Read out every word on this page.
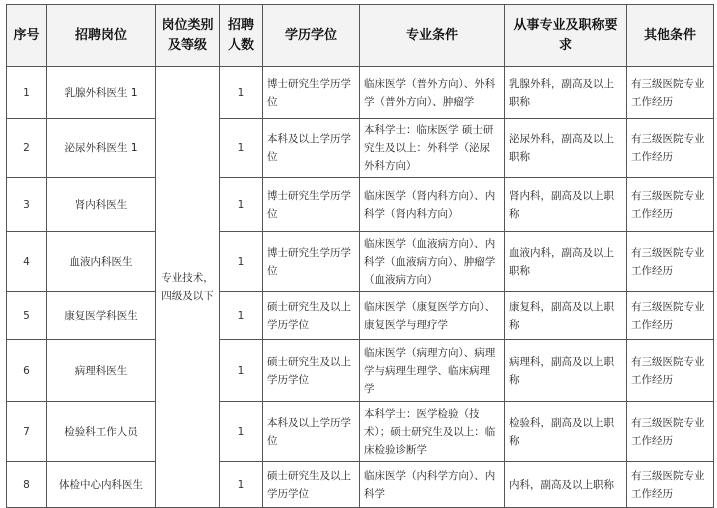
序号	招聘岗位	岗位类别及等级	招聘人数	学历学位	专业条件	从事专业及职称要求	其他条件
1	乳腺外科医生 1	专业技术，四级及以下	1	博士研究生学历学位	临床医学（普外方向）、外科学（普外方向）、肿瘤学	乳腺外科，副高及以上职称	有三级医院专业工作经历
2	泌尿外科医生 1		1	本科及以上学历学位	本科学士：临床医学 硕士研究生及以上：外科学（泌尿外科方向）	泌尿外科，副高及以上职称	有三级医院专业工作经历
3	肾内科医生		1	博士研究生学历学位	临床医学（肾内科方向）、内科学（肾内科方向）	肾内科，副高及以上职称	有三级医院专业工作经历
4	血液内科医生		1	博士研究生学历学位	临床医学（血液病方向）、内科学（血液病方向）、肿瘤学（血液病方向）	血液内科，副高及以上职称	有三级医院专业工作经历
5	康复医学科医生		1	硕士研究生及以上学历学位	临床医学（康复医学方向）、康复医学与理疗学	康复科，副高及以上职称	有三级医院专业工作经历
6	病理科医生		1	硕士研究生及以上学历学位	临床医学（病理方向）、病理学与病理生理学、临床病理学	病理科，副高及以上职称	有三级医院专业工作经历
7	检验科工作人员		1	本科及以上学历学位	本科学士：医学检验（技术）；硕士研究生及以上：临床检验诊断学	检验科，副高及以上职称	有三级医院专业工作经历
8	体检中心内科医生		1	硕士研究生及以上学历学位	临床医学（内科学方向）、内科学	内科，副高及以上职称	有三级医院专业工作经历
